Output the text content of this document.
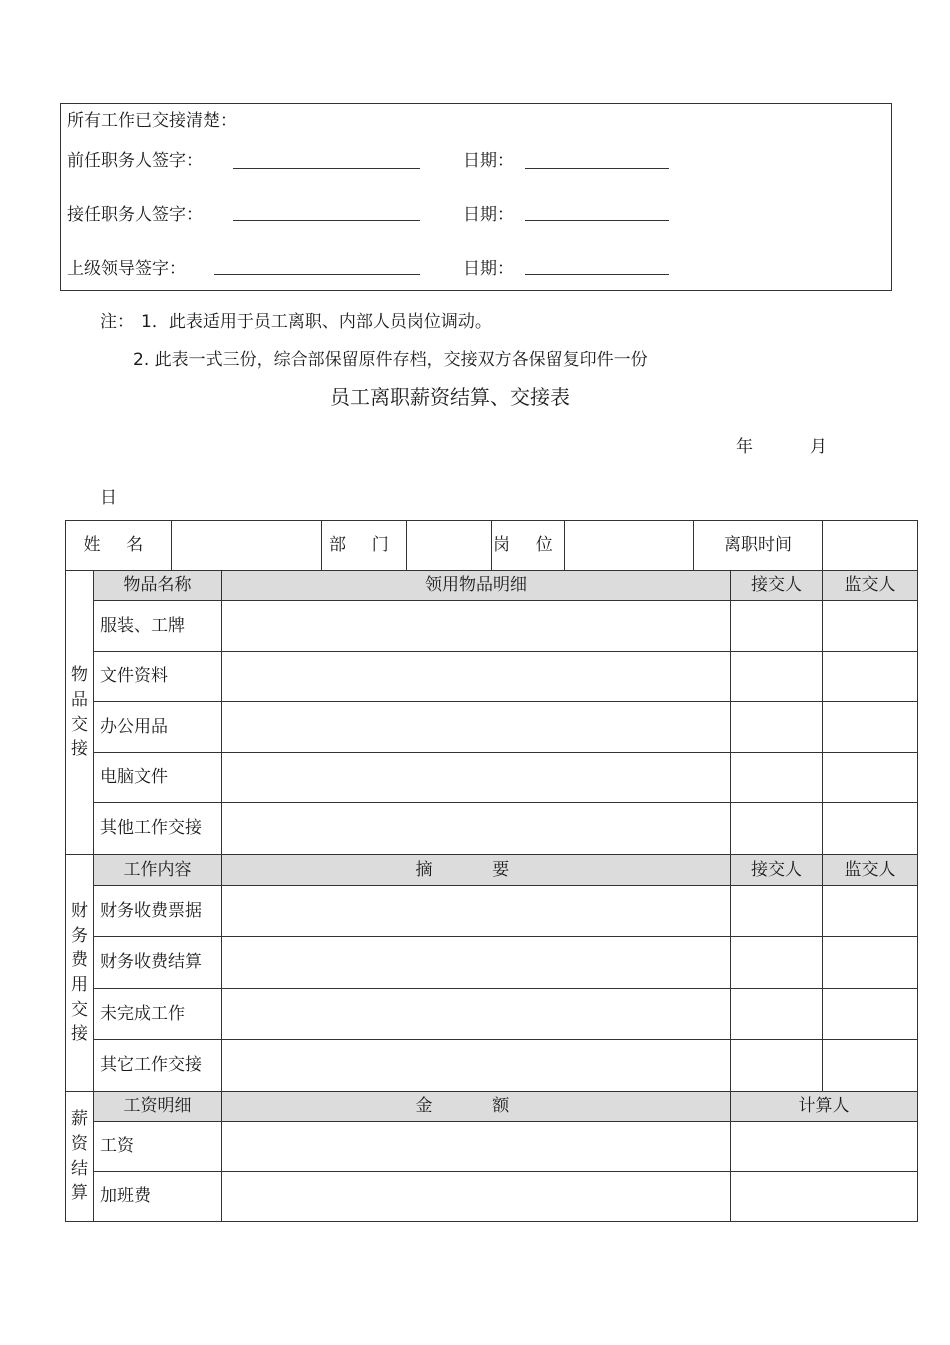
所有工作已交接清楚：
前任职务人签字：	日期：
接任职务人签字：	日期：
上级领导签字：	日期：
注： 1．此表适用于员工离职、内部人员岗位调动。
2. 此表一式三份，综合部保留原件存档，交接双方各保留复印件一份
员工离职薪资结算、交接表
年	月
日
姓 名				部 门		岗 位		离职时间		
物品交接	物品名称		领用物品明细						接交人	监交人
	服装、工牌									
	文件资料									
	办公用品									
	电脑文件									
	其他工作交接									
财务费用交接	工作内容		摘 要						接交人	监交人
	财务收费票据									
	财务收费结算									
	未完成工作									
	其它工作交接									
薪资结算	工资明细		金 额						计算人	
	工资									
	加班费									
